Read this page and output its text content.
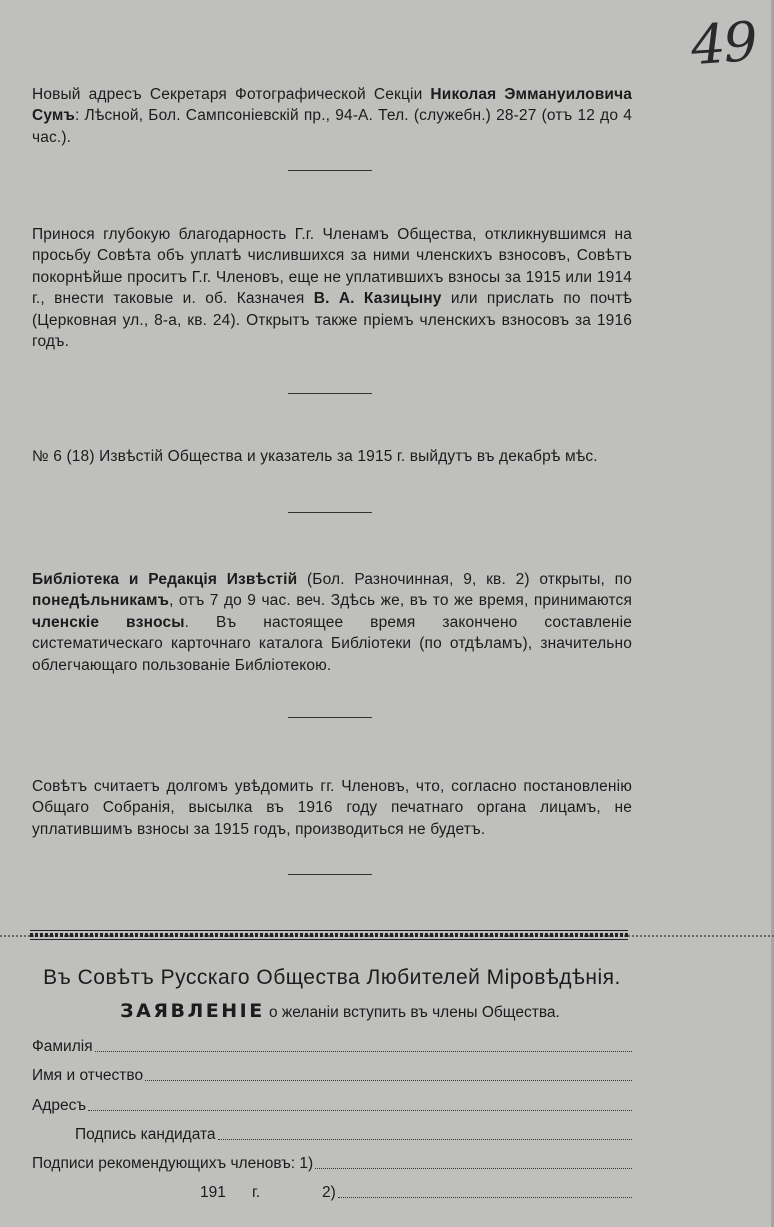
49
Новый адресъ Секретаря Фотографической Секціи Николая Эммануиловича Сумъ: Лѣсной, Бол. Сампсоніевскій пр., 94-А. Тел. (служебн.) 28-27 (отъ 12 до 4 час.).
Принося глубокую благодарность Г.г. Членамъ Общества, откликнувшимся на просьбу Совѣта объ уплатѣ числившихся за ними членскихъ взносовъ, Совѣтъ покорнѣйше проситъ Г.г. Членовъ, еще не уплатившихъ взносы за 1915 или 1914 г., внести таковые и. об. Казначея В. А. Казицыну или прислать по почтѣ (Церковная ул., 8-а, кв. 24). Открытъ также пріемъ членскихъ взносовъ за 1916 годъ.
№ 6 (18) Извѣстій Общества и указатель за 1915 г. выйдутъ въ декабрѣ мѣс.
Библіотека и Редакція Извѣстій (Бол. Разночинная, 9, кв. 2) открыты, по понедѣльникамъ, отъ 7 до 9 час. веч. Здѣсь же, въ то же время, принимаются членскіе взносы. Въ настоящее время закончено составленіе систематическаго карточнаго каталога Библіотеки (по отдѣламъ), значительно облегчающаго пользованіе Библіотекою.
Совѣтъ считаетъ долгомъ увѣдомить гг. Членовъ, что, согласно постановленію Общаго Собранія, высылка въ 1916 году печатнаго органа лицамъ, не уплатившимъ взносы за 1915 годъ, производиться не будетъ.
Въ Совѣтъ Русскаго Общества Любителей Міровѣдѣнія.
ЗАЯВЛЕНІЕ о желаніи вступить въ члены Общества.
Фамилія
Имя и отчество
Адресъ
Подпись кандидата
Подписи рекомендующихъ членовъ: 1)
191	г.	2)
